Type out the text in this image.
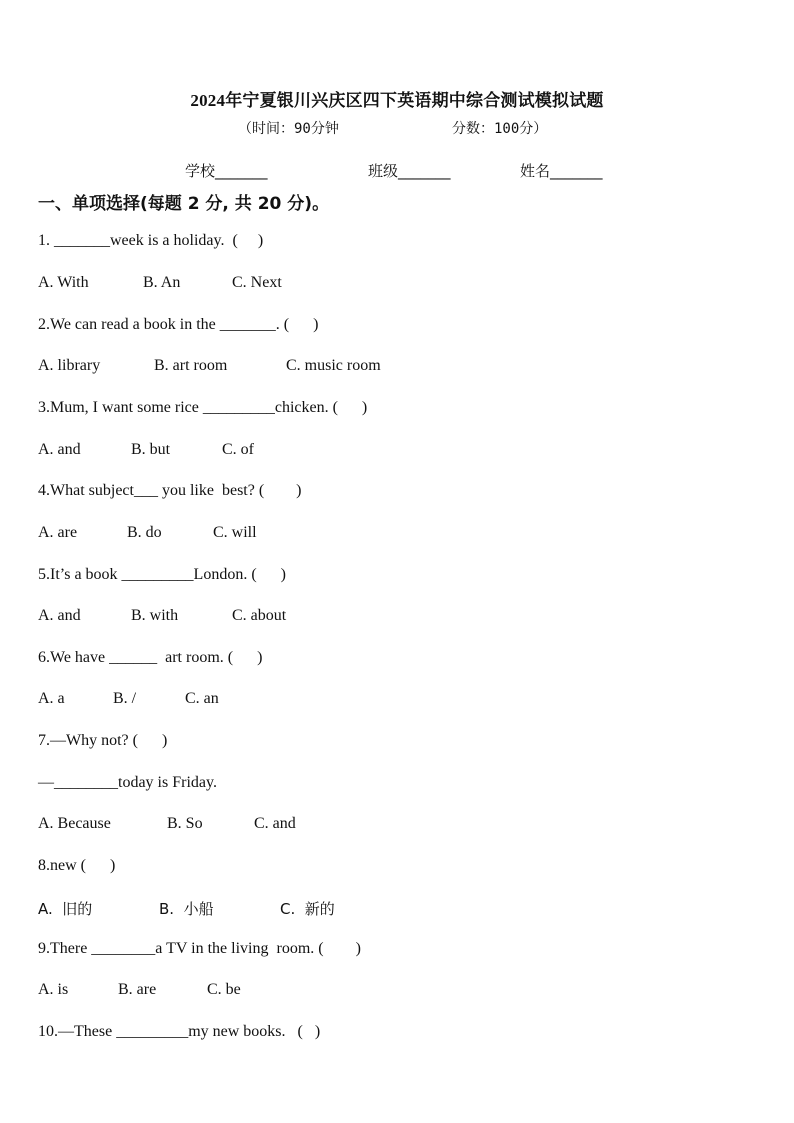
2024年宁夏银川兴庆区四下英语期中综合测试模拟试题
（时间：90分钟	分数：100分）
学校_______	班级_______	姓名_______
一、单项选择(每题 2 分, 共 20 分)。
1. _______week is a holiday.  (     )
A. With	B. An	C. Next
2.We can read a book in the _______. (      )
A. library	B. art room	C. music room
3.Mum, I want some rice _________chicken. (      )
A. and	B. but	C. of
4.What subject___ you like  best? (        )
A. are	B. do	C. will
5.It’s a book _________London. (      )
A. and	B. with	C. about
6.We have ______  art room. (      )
A. a	B. /	C. an
7.—Why not? (      )
—________today is Friday.
A. Because	B. So	C. and
8.new (      )
A.  旧的	B.  小船	C.  新的
9.There ________a TV in the living  room. (        )
A. is	B. are	C. be
10.—These _________my new books.   (   )
